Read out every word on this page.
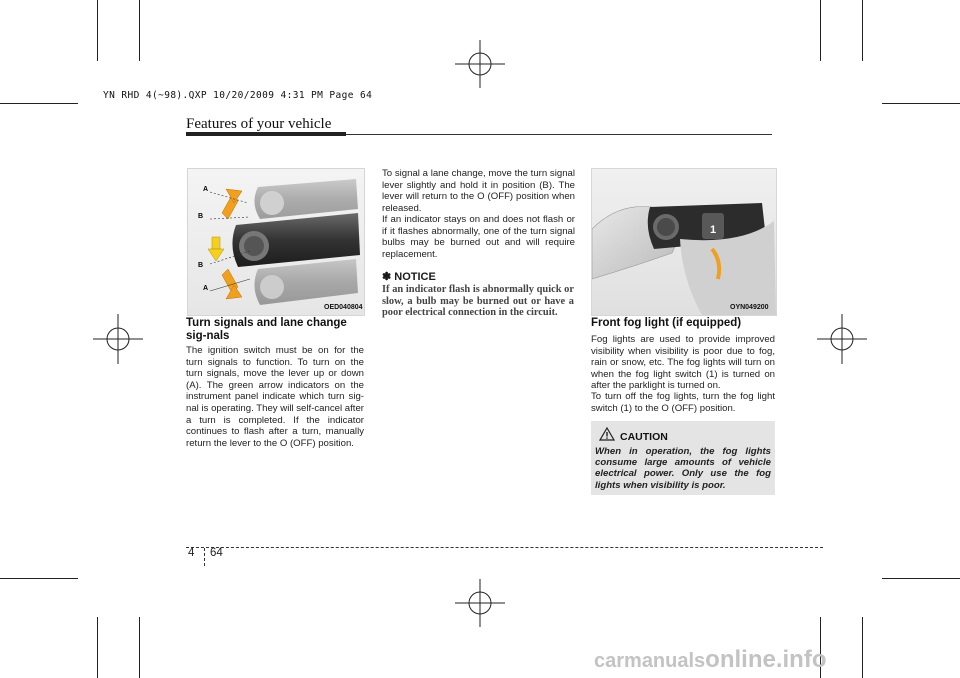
YN RHD 4(~98).QXP 10/20/2009 4:31 PM Page 64
Features of your vehicle
A
B
B
A
OED040804
1
OYN049200
Turn signals and lane change sig-nals

The ignition switch must be on for the turn signals to function. To turn on the turn signals, move the lever up or down (A). The green arrow indicators on the instrument panel indicate which turn sig-nal is operating. They will self-cancel after a turn is completed. If the indicator continues to flash after a turn, manually return the lever to the O (OFF) position.

To signal a lane change, move the turn signal lever slightly and hold it in position (B). The lever will return to the O (OFF) position when released.

If an indicator stays on and does not flash or if it flashes abnormally, one of the turn signal bulbs may be burned out and will require replacement.

✽ NOTICE
If an indicator flash is abnormally quick or slow, a bulb may be burned out or have a poor electrical connection in the circuit.
Front fog light (if equipped)

Fog lights are used to provide improved visibility when visibility is poor due to fog, rain or snow, etc. The fog lights will turn on when the fog light switch (1) is turned on after the parklight is turned on.

To turn off the fog lights, turn the fog light switch (1) to the O (OFF) position.

CAUTION
When in operation, the fog lights consume large amounts of vehicle electrical power. Only use the fog lights when visibility is poor.
4 64
carmanualsonline.info
